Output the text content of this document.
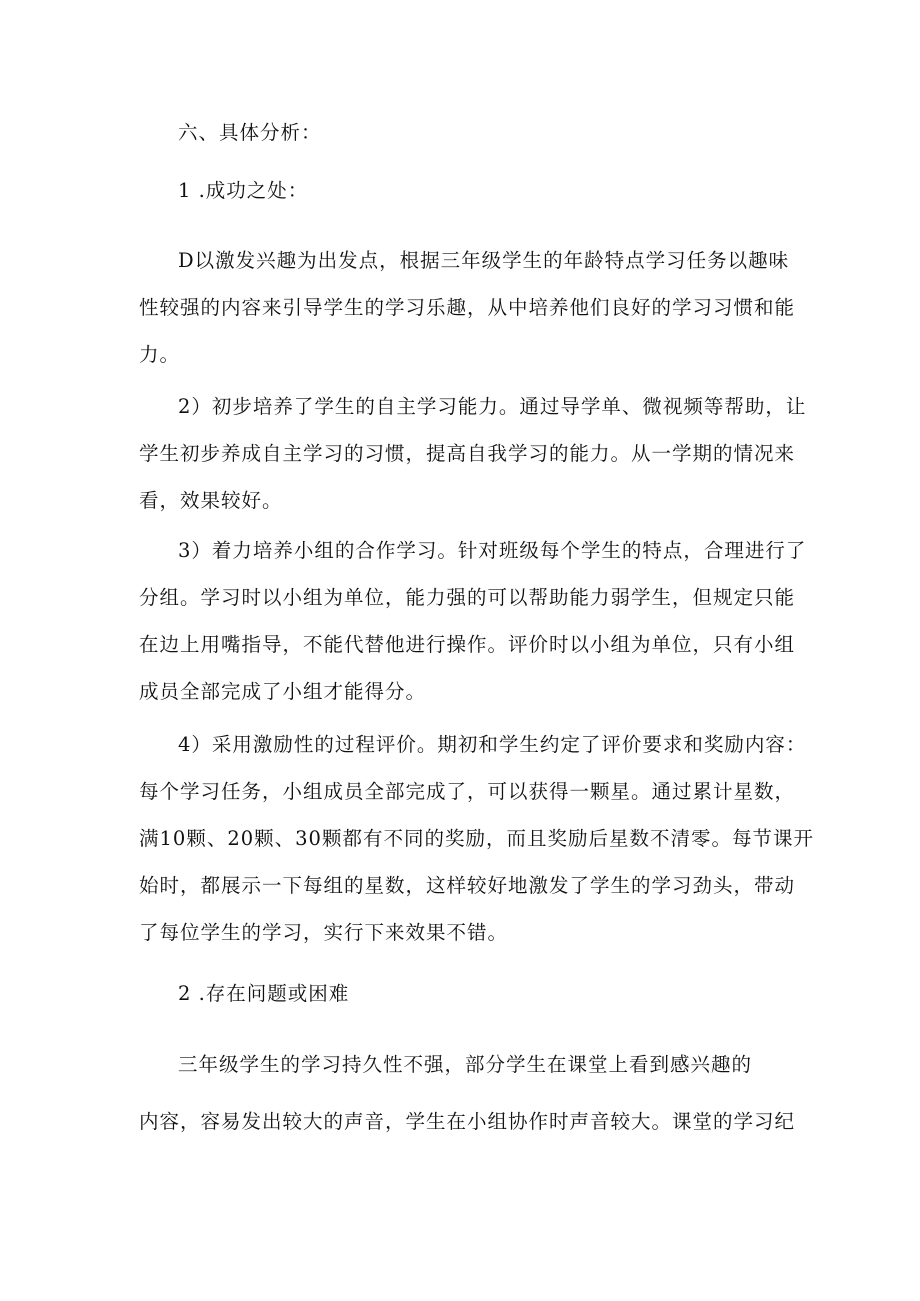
六、具体分析：
1 .成功之处：
D以激发兴趣为出发点，根据三年级学生的年龄特点学习任务以趣味
性较强的内容来引导学生的学习乐趣，从中培养他们良好的学习习惯和能
力。
2）初步培养了学生的自主学习能力。通过导学单、微视频等帮助，让
学生初步养成自主学习的习惯，提高自我学习的能力。从一学期的情况来
看，效果较好。
3）着力培养小组的合作学习。针对班级每个学生的特点，合理进行了
分组。学习时以小组为单位，能力强的可以帮助能力弱学生，但规定只能
在边上用嘴指导，不能代替他进行操作。评价时以小组为单位，只有小组
成员全部完成了小组才能得分。
4）采用激励性的过程评价。期初和学生约定了评价要求和奖励内容：
每个学习任务，小组成员全部完成了，可以获得一颗星。通过累计星数，
满10颗、20颗、30颗都有不同的奖励，而且奖励后星数不清零。每节课开
始时，都展示一下每组的星数，这样较好地激发了学生的学习劲头，带动
了每位学生的学习，实行下来效果不错。
2 .存在问题或困难
三年级学生的学习持久性不强，部分学生在课堂上看到感兴趣的
内容，容易发出较大的声音，学生在小组协作时声音较大。课堂的学习纪
